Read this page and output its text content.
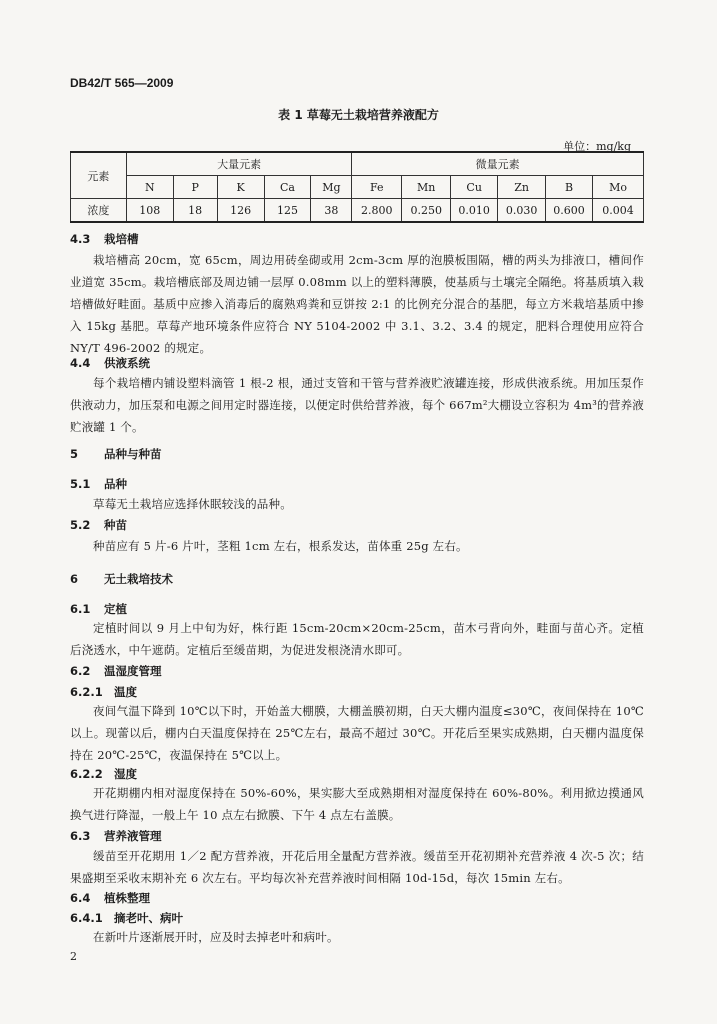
DB42/T 565—2009
表 1 草莓无土栽培营养液配方
单位：mg/kg
元素	大量元素					微量元素					
	N	P	K	Ca	Mg	Fe	Mn	Cu	Zn	B	Mo
浓度	108	18	126	125	38	2.800	0.250	0.010	0.030	0.600	0.004
4.3 栽培槽
栽培槽高 20cm，宽 65cm，周边用砖垒砌或用 2cm-3cm 厚的泡膜板围隔，槽的两头为排液口，槽间作业道宽 35cm。栽培槽底部及周边铺一层厚 0.08mm 以上的塑料薄膜，使基质与土壤完全隔绝。将基质填入栽培槽做好畦面。基质中应掺入消毒后的腐熟鸡粪和豆饼按 2:1 的比例充分混合的基肥，每立方米栽培基质中掺入 15kg 基肥。草莓产地环境条件应符合 NY 5104-2002 中 3.1、3.2、3.4 的规定，肥料合理使用应符合 NY/T 496-2002 的规定。
4.4 供液系统
每个栽培槽内铺设塑料滴管 1 根-2 根，通过支管和干管与营养液贮液罐连接，形成供液系统。用加压泵作供液动力，加压泵和电源之间用定时器连接，以便定时供给营养液，每个 667m²大棚设立容积为 4m³的营养液贮液罐 1 个。
5 品种与种苗
5.1 品种
草莓无土栽培应选择休眠较浅的品种。
5.2 种苗
种苗应有 5 片-6 片叶，茎粗 1cm 左右，根系发达，苗体重 25g 左右。
6 无土栽培技术
6.1 定植
定植时间以 9 月上中旬为好，株行距 15cm-20cm×20cm-25cm，苗木弓背向外，畦面与苗心齐。定植后浇透水，中午遮荫。定植后至缓苗期，为促进发根浇清水即可。
6.2 温湿度管理
6.2.1 温度
夜间气温下降到 10℃以下时，开始盖大棚膜，大棚盖膜初期，白天大棚内温度≤30℃，夜间保持在 10℃以上。现蕾以后，棚内白天温度保持在 25℃左右，最高不超过 30℃。开花后至果实成熟期，白天棚内温度保持在 20℃-25℃，夜温保持在 5℃以上。
6.2.2 湿度
开花期棚内相对湿度保持在 50%-60%，果实膨大至成熟期相对湿度保持在 60%-80%。利用掀边摸通风换气进行降湿，一般上午 10 点左右掀膜、下午 4 点左右盖膜。
6.3 营养液管理
缓苗至开花期用 1／2 配方营养液，开花后用全量配方营养液。缓苗至开花初期补充营养液 4 次-5 次；结果盛期至采收末期补充 6 次左右。平均每次补充营养液时间相隔 10d-15d，每次 15min 左右。
6.4 植株整理
6.4.1 摘老叶、病叶
在新叶片逐渐展开时，应及时去掉老叶和病叶。
2
